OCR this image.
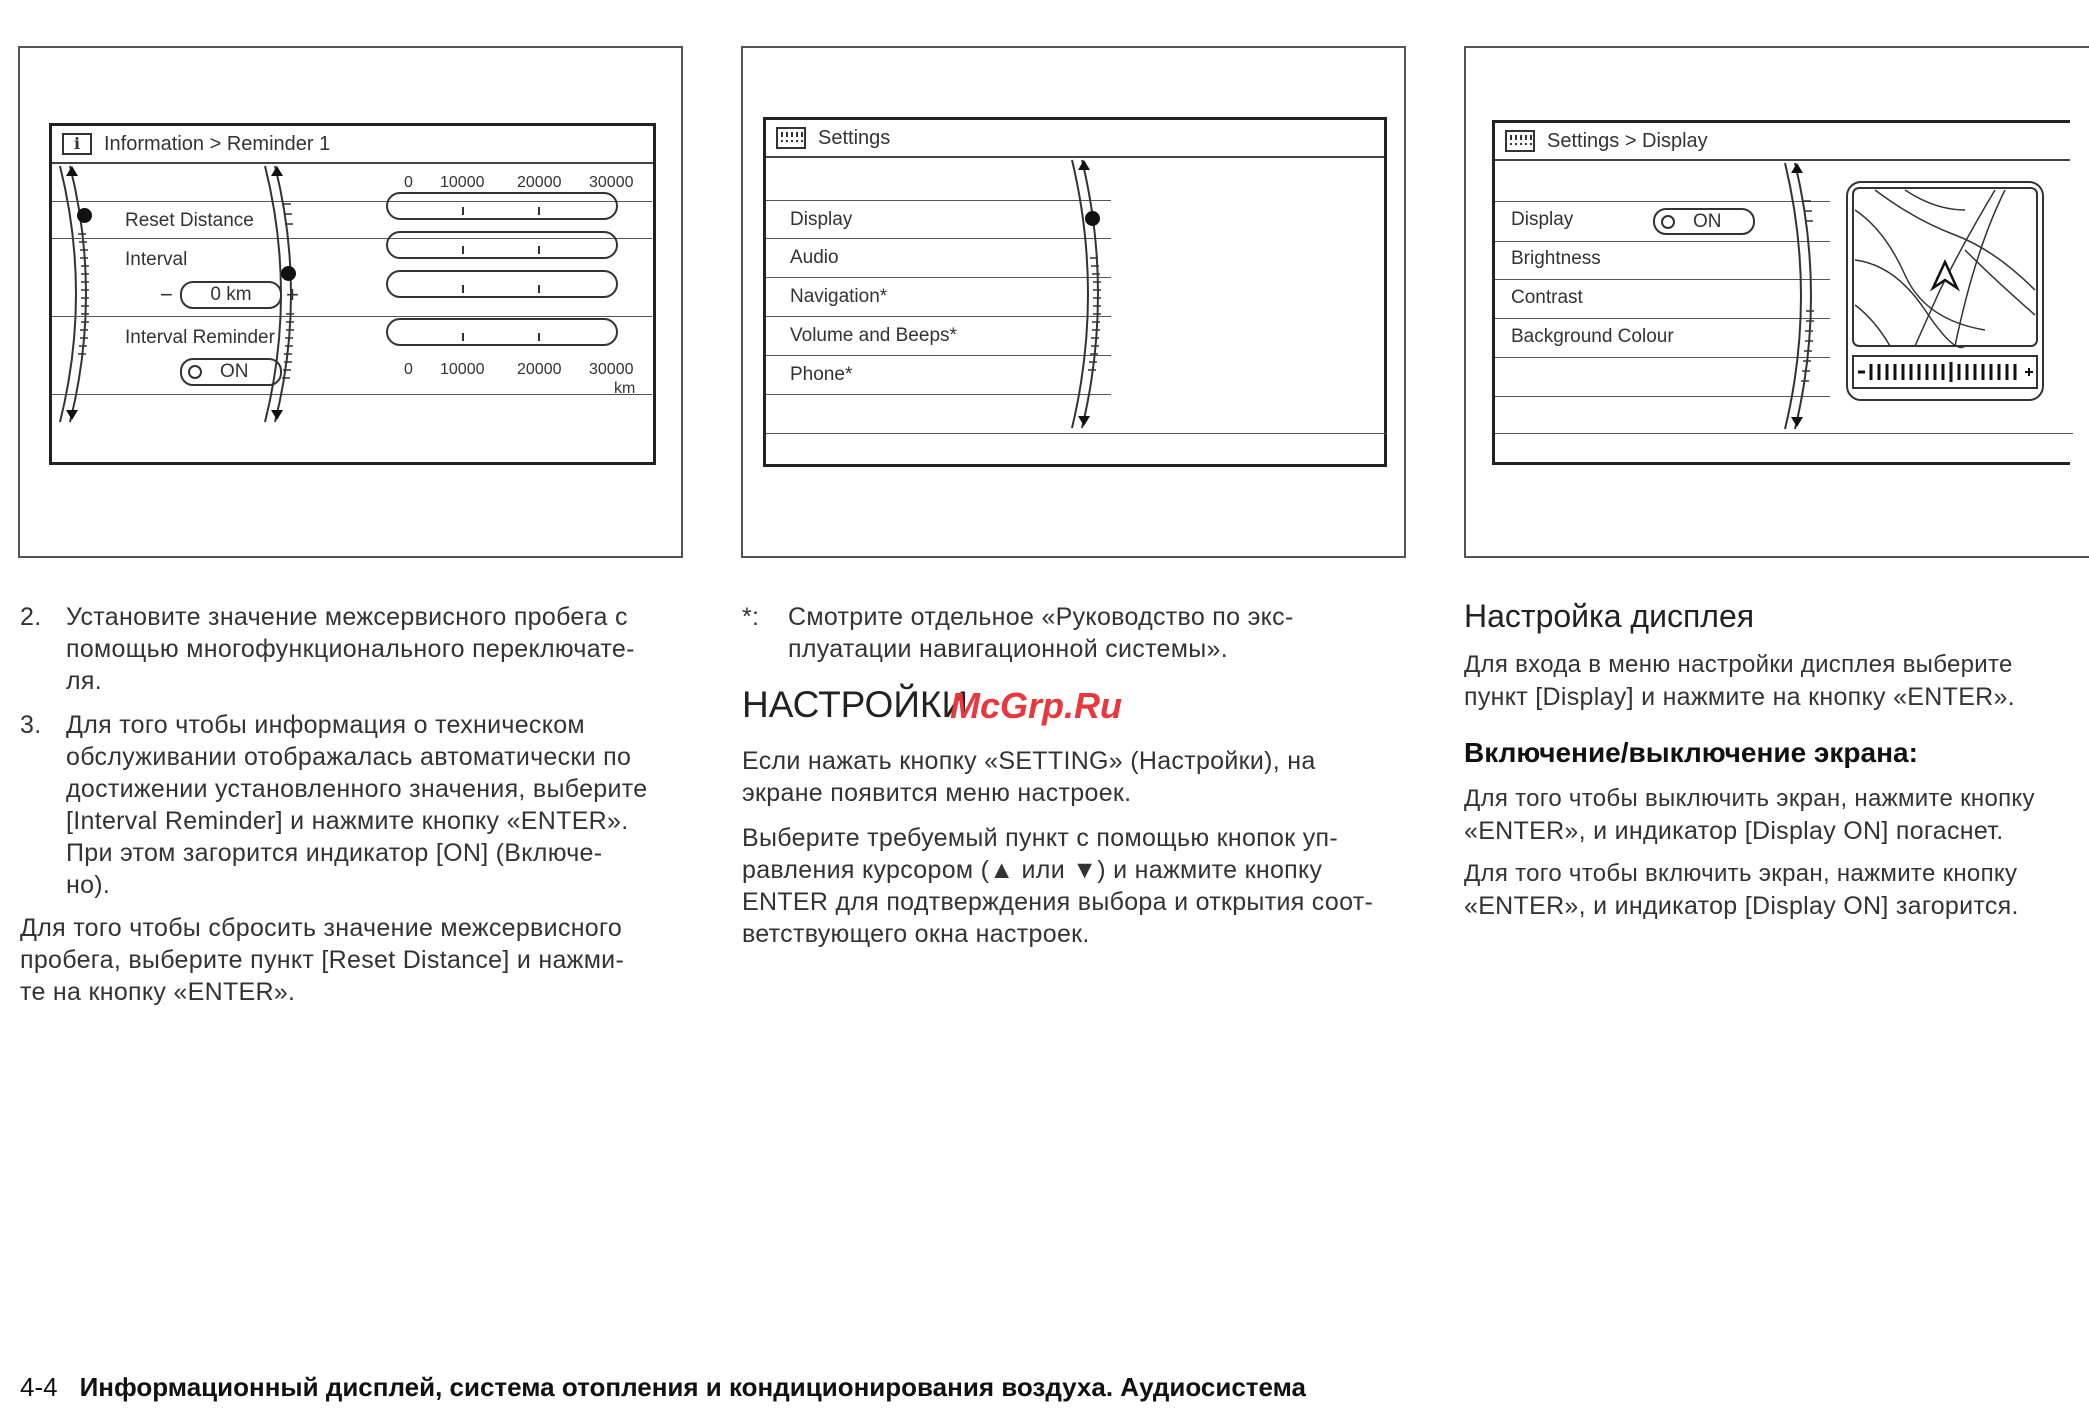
i	Information > Reminder 1
Reset Distance
Interval
− 0 km +
Interval Reminder
ON
0 10000 20000 30000
0 10000 20000 30000
km
Settings
Display
Audio
Navigation*
Volume and Beeps*
Phone*
Settings > Display
Display	ON
Brightness
Contrast
Background Colour
2. Установите значение межсервисного пробега с
помощью многофункционального переключате-
ля.
3. Для того чтобы информация о техническом
обслуживании отображалась автоматически по
достижении установленного значения, выберите
[Interval Reminder] и нажмите кнопку «ENTER».
При этом загорится индикатор [ON] (Включе-
но).
Для того чтобы сбросить значение межсервисного
пробега, выберите пункт [Reset Distance] и нажми-
те на кнопку «ENTER».
*: Смотрите отдельное «Руководство по экс-
плуатации навигационной системы».
НАСТРОЙКИ
Если нажать кнопку «SETTING» (Настройки), на
экране появится меню настроек.
Выберите требуемый пункт с помощью кнопок уп-
равления курсором (▲ или ▼) и нажмите кнопку
ENTER для подтверждения выбора и открытия соот-
ветствующего окна настроек.
McGrp.Ru
Настройка дисплея
Для входа в меню настройки дисплея выберите
пункт [Display] и нажмите на кнопку «ENTER».
Включение/выключение экрана:
Для того чтобы выключить экран, нажмите кнопку
«ENTER», и индикатор [Display ON] погаснет.
Для того чтобы включить экран, нажмите кнопку
«ENTER», и индикатор [Display ON] загорится.
4-4 Информационный дисплей, система отопления и кондиционирования воздуха. Аудиосистема
